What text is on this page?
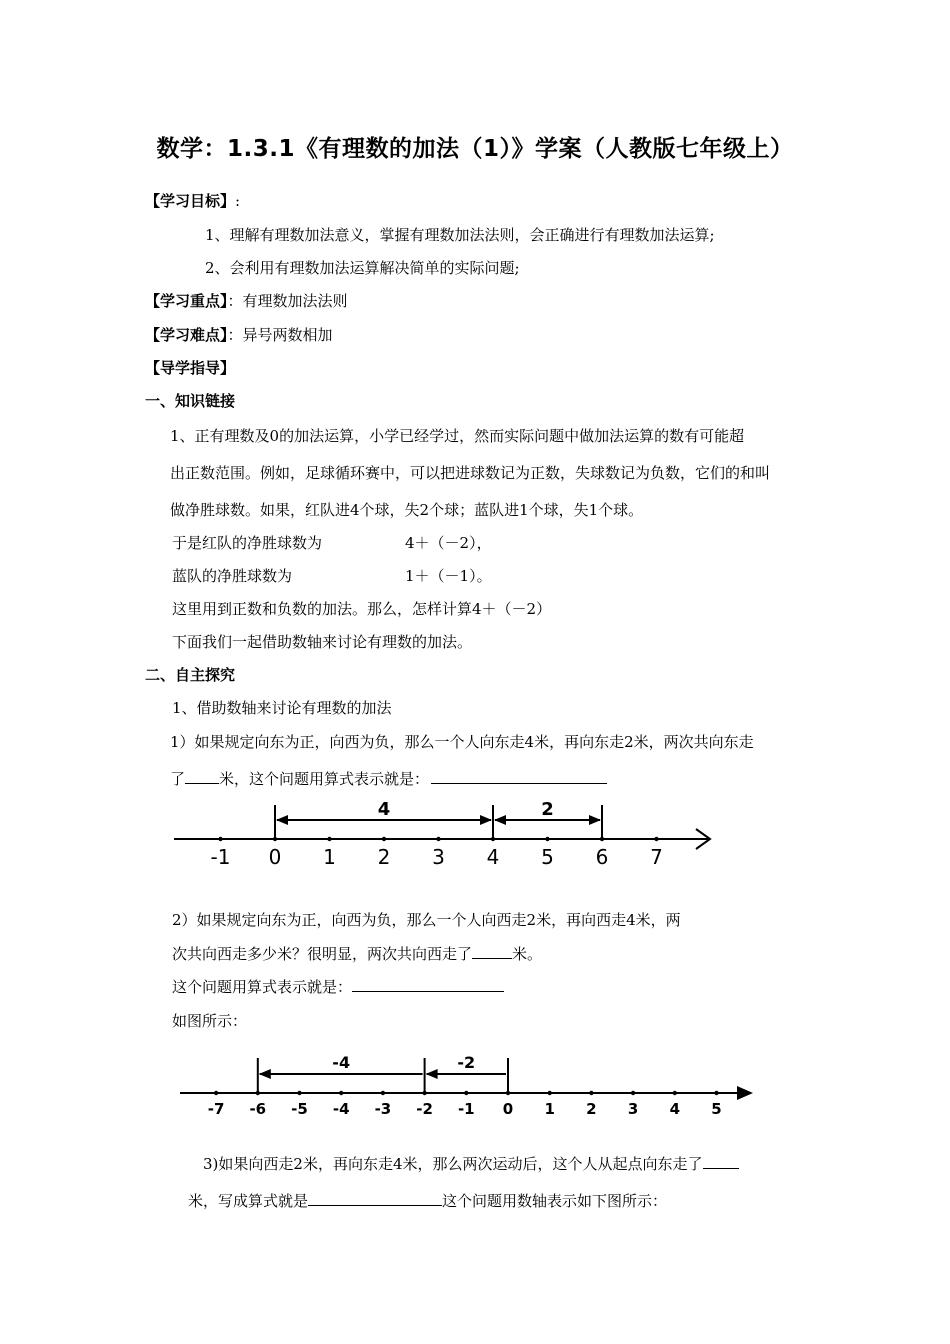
数学：1.3.1《有理数的加法（1）》学案（人教版七年级上）
【学习目标】:
1、理解有理数加法意义，掌握有理数加法法则，会正确进行有理数加法运算;
2、会利用有理数加法运算解决简单的实际问题;
【学习重点】：有理数加法法则
【学习难点】：异号两数相加
【导学指导】
一、知识链接
1、正有理数及0的加法运算，小学已经学过，然而实际问题中做加法运算的数有可能超
出正数范围。例如，足球循环赛中，可以把进球数记为正数，失球数记为负数，它们的和叫
做净胜球数。如果，红队进4个球，失2个球；蓝队进1个球，失1个球。
于是红队的净胜球数为	4＋（－2），
蓝队的净胜球数为	1＋（－1）。
这里用到正数和负数的加法。那么，怎样计算4＋（－2）
下面我们一起借助数轴来讨论有理数的加法。
二、自主探究
1、借助数轴来讨论有理数的加法
1）如果规定向东为正，向西为负，那么一个人向东走4米，再向东走2米，两次共向东走
了 米，这个问题用算式表示就是：
-1 0 1 2 3 4 5 6 7
4	2
2）如果规定向东为正，向西为负，那么一个人向西走2米，再向西走4米，两
次共向西走多少米？很明显，两次共向西走了	米。
这个问题用算式表示就是：
如图所示：
-7 -6 -5 -4 -3 -2 -1 0 1 2 3 4 5
-4	-2
3)如果向西走2米，再向东走4米，那么两次运动后，这个人从起点向东走了
米，写成算式就是	这个问题用数轴表示如下图所示：
